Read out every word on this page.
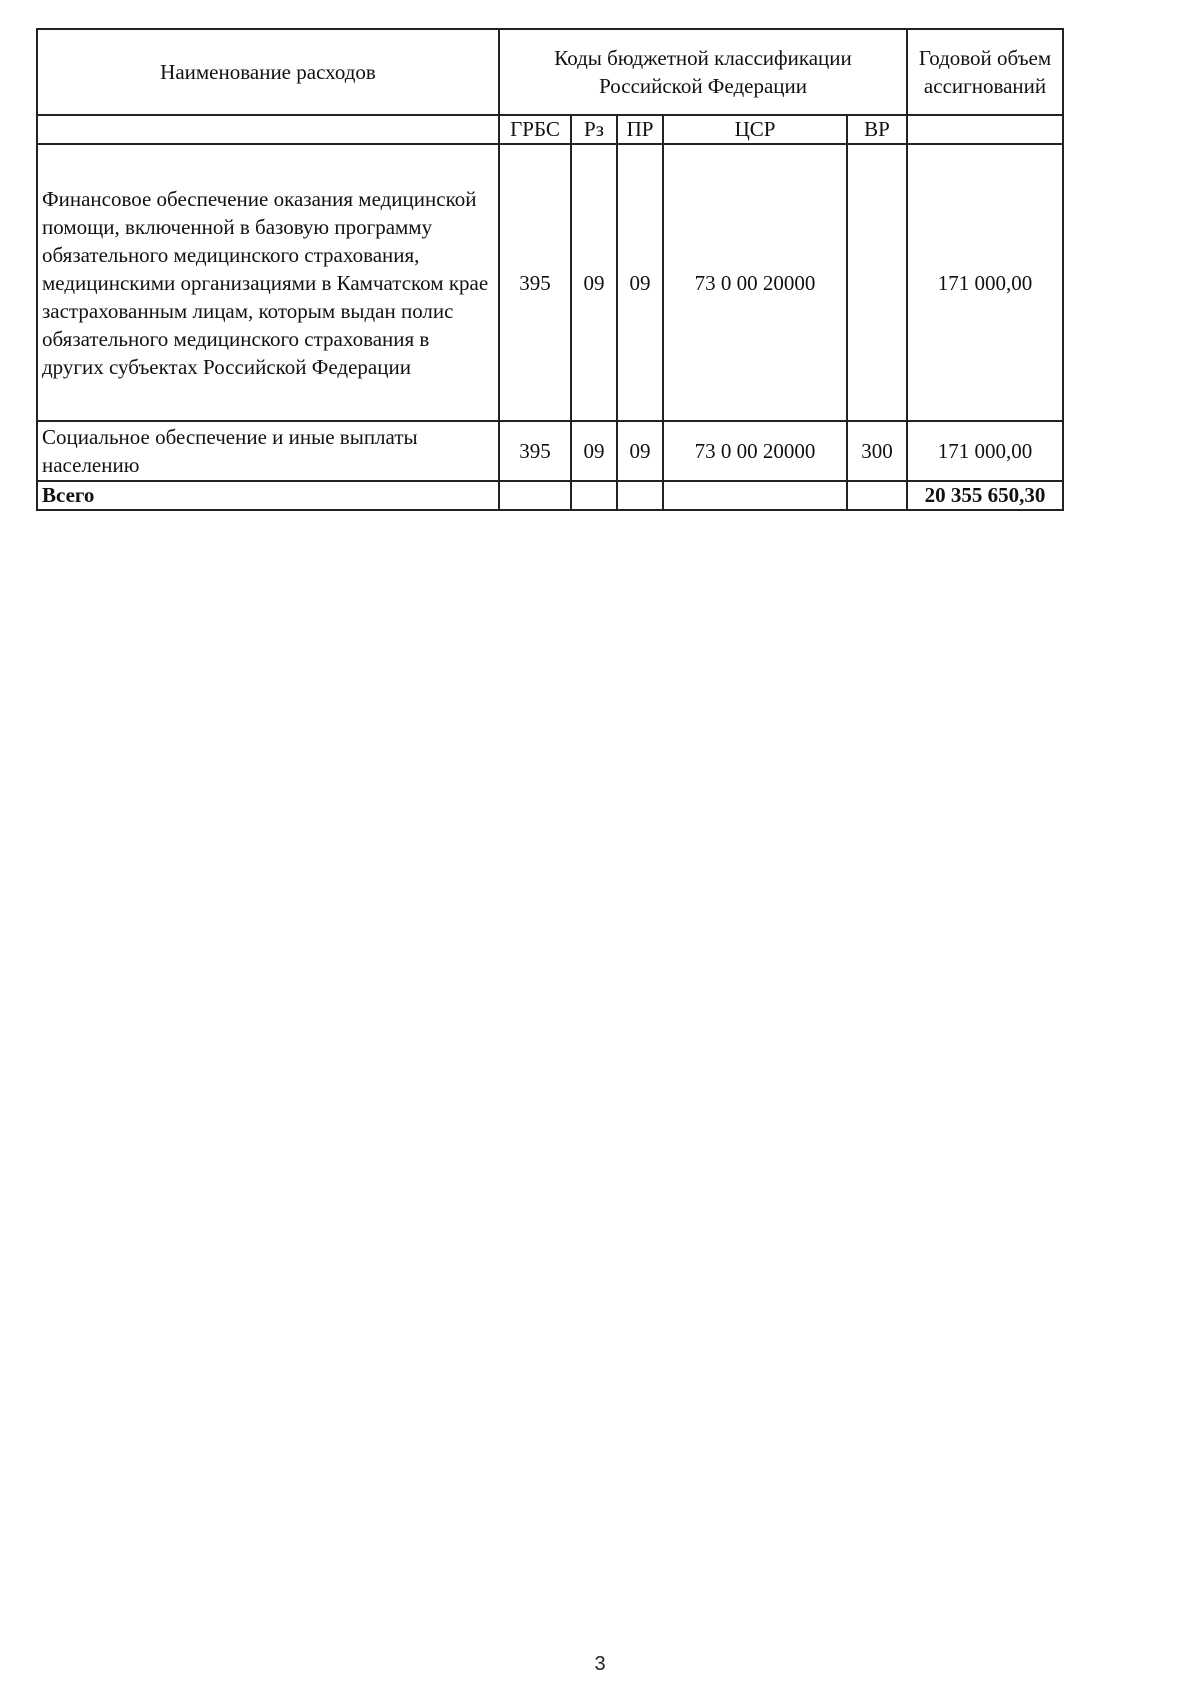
Наименование расходов	Коды бюджетной классификации Российской Федерации					Годовой объем ассигнований
	ГРБС	Рз	ПР	ЦСР	ВР	
Финансовое обеспечение оказания медицинской помощи, включенной в базовую программу обязательного медицинского страхования, медицинскими организациями в Камчатском крае застрахованным лицам, которым выдан полис обязательного медицинского страхования в других субъектах Российской Федерации	395	09	09	73 0 00 20000		171 000,00
Социальное обеспечение и иные выплаты населению	395	09	09	73 0 00 20000	300	171 000,00
Всего						20 355 650,30
3
